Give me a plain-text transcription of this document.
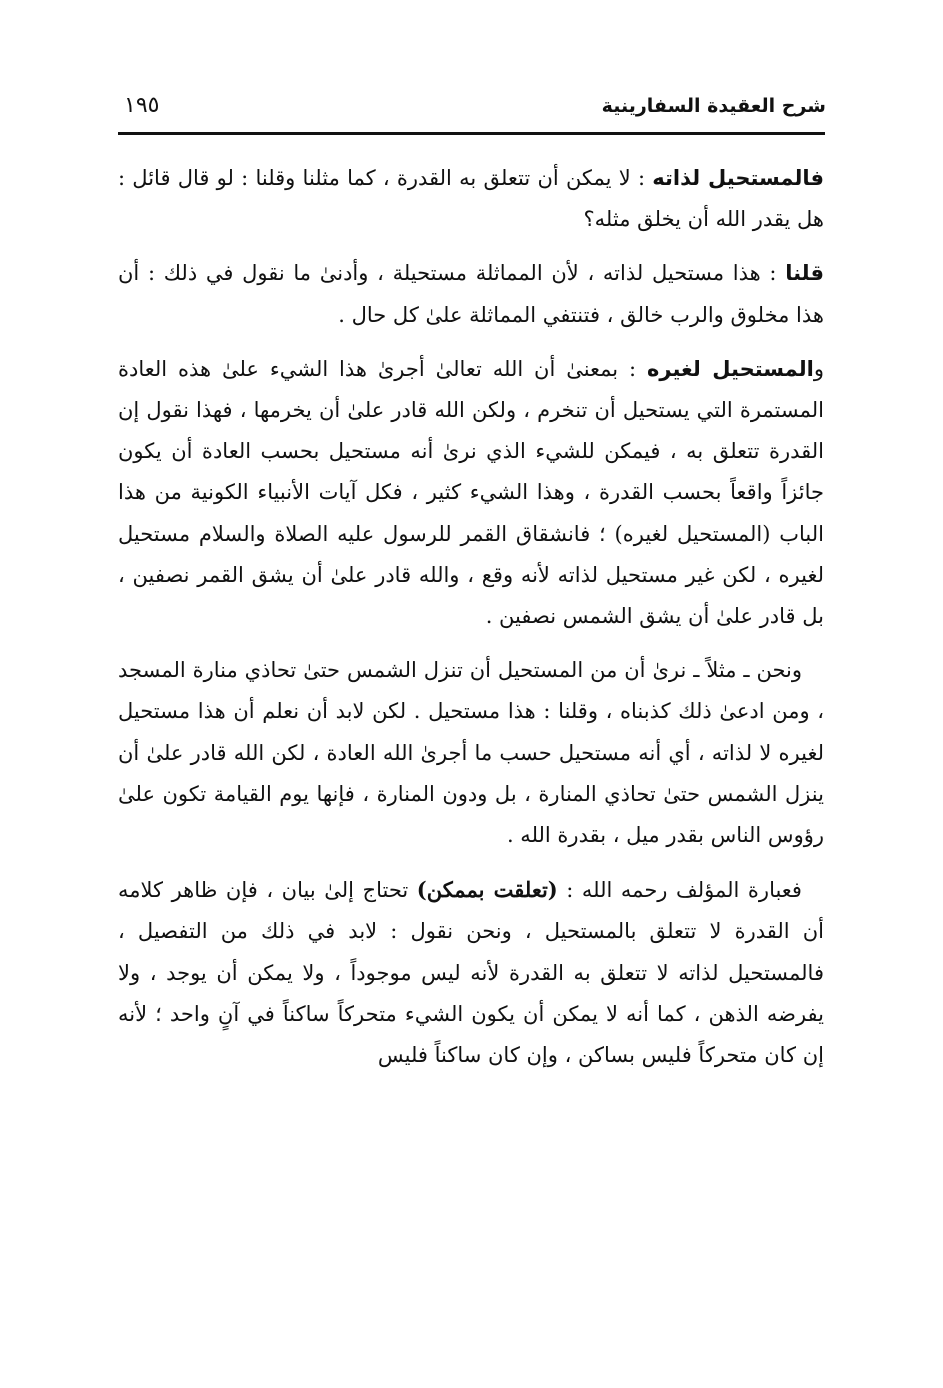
شرح العقيدة السفارينية
١٩٥

فالمستحيل لذاته : لا يمكن أن تتعلق به القدرة ، كما مثلنا وقلنا : لو قال قائل : هل يقدر الله أن يخلق مثله؟

قلنا : هذا مستحيل لذاته ، لأن المماثلة مستحيلة ، وأدنىٰ ما نقول في ذلك : أن هذا مخلوق والرب خالق ، فتنتفي المماثلة علىٰ كل حال .

والمستحيل لغيره : بمعنىٰ أن الله تعالىٰ أجرىٰ هذا الشيء علىٰ هذه العادة المستمرة التي يستحيل أن تنخرم ، ولكن الله قادر علىٰ أن يخرمها ، فهذا نقول إن القدرة تتعلق به ، فيمكن للشيء الذي نرىٰ أنه مستحيل بحسب العادة أن يكون جائزاً واقعاً بحسب القدرة ، وهذا الشيء كثير ، فكل آيات الأنبياء الكونية من هذا الباب (المستحيل لغيره) ؛ فانشقاق القمر للرسول عليه الصلاة والسلام مستحيل لغيره ، لكن غير مستحيل لذاته لأنه وقع ، والله قادر علىٰ أن يشق القمر نصفين ، بل قادر علىٰ أن يشق الشمس نصفين .

ونحن ـ مثلاً ـ نرىٰ أن من المستحيل أن تنزل الشمس حتىٰ تحاذي منارة المسجد ، ومن ادعىٰ ذلك كذبناه ، وقلنا : هذا مستحيل . لكن لابد أن نعلم أن هذا مستحيل لغيره لا لذاته ، أي أنه مستحيل حسب ما أجرىٰ الله العادة ، لكن الله قادر علىٰ أن ينزل الشمس حتىٰ تحاذي المنارة ، بل ودون المنارة ، فإنها يوم القيامة تكون علىٰ رؤوس الناس بقدر ميل ، بقدرة الله .

فعبارة المؤلف رحمه الله : (تعلقت بممكن) تحتاج إلىٰ بيان ، فإن ظاهر كلامه أن القدرة لا تتعلق بالمستحيل ، ونحن نقول : لابد في ذلك من التفصيل ، فالمستحيل لذاته لا تتعلق به القدرة لأنه ليس موجوداً ، ولا يمكن أن يوجد ، ولا يفرضه الذهن ، كما أنه لا يمكن أن يكون الشيء متحركاً ساكناً في آنٍ واحد ؛ لأنه إن كان متحركاً فليس بساكن ، وإن كان ساكناً فليس
